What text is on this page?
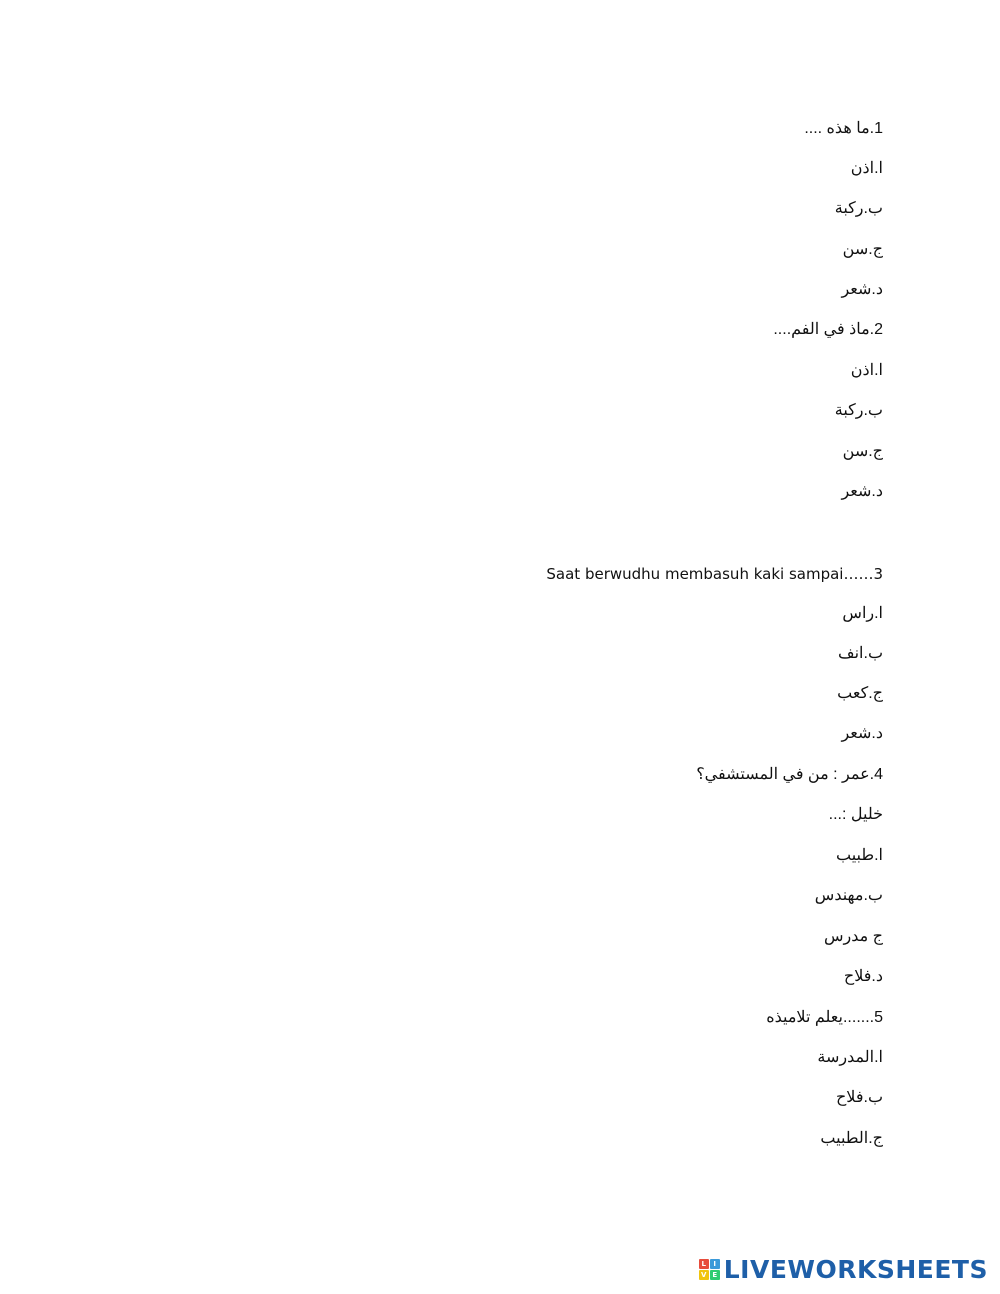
1.ما هذه ....
ا.اذن
ب.ركبة
ج.سن
د.شعر
2.ماذ في الفم....
ا.اذن
ب.ركبة
ج.سن
د.شعر
Saat berwudhu membasuh kaki sampai……3
ا.راس
ب.انف
ج.كعب
د.شعر
4.عمر : من في المستشفي؟
خليل :...
ا.طبيب
ب.مهندس
ج مدرس
د.فلاح
5.......يعلم تلاميذه
ا.المدرسة
ب.فلاح
ج.الطبيب
L	I
V E LIVEWORKSHEETS
